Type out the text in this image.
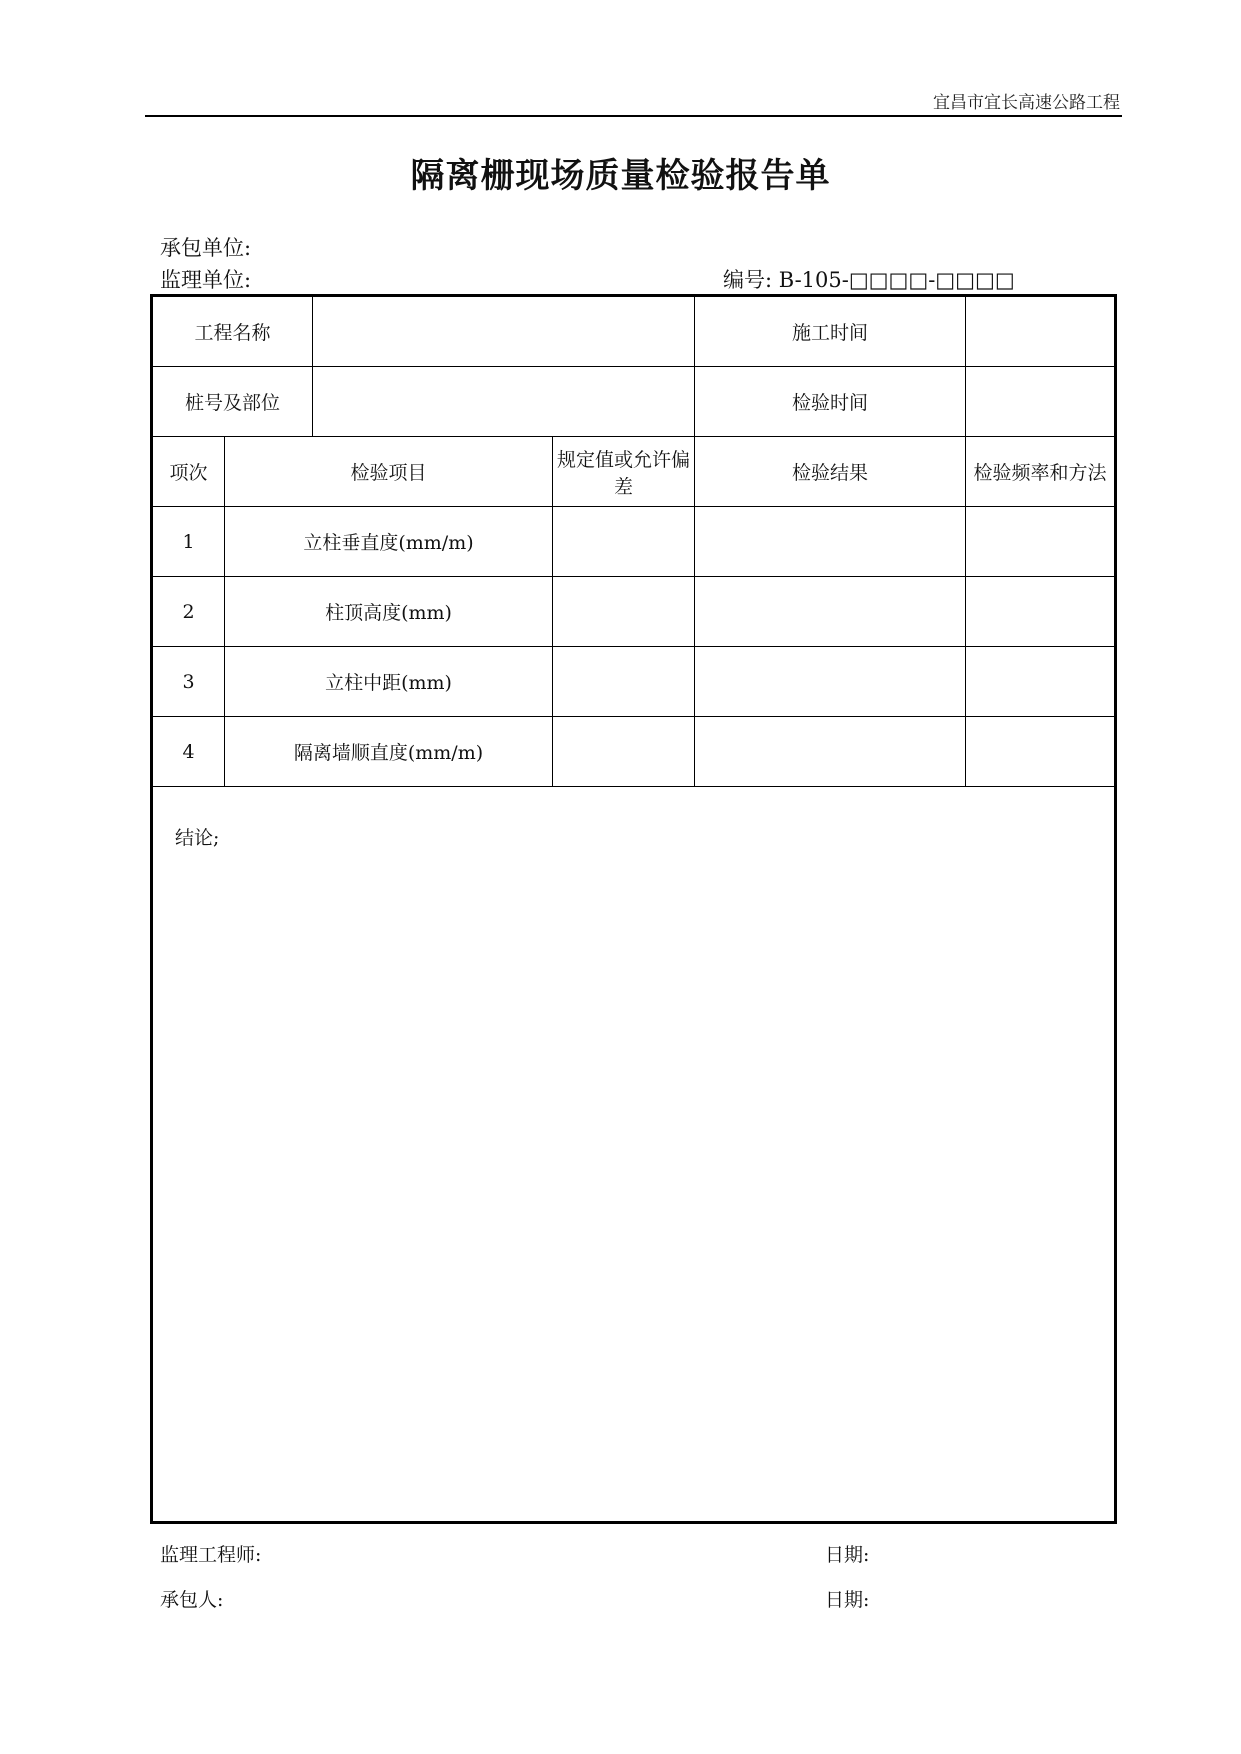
宜昌市宜长高速公路工程
隔离栅现场质量检验报告单
承包单位:
监理单位:	编号: B-105-□□□□-□□□□
工程名称				施工时间	
桩号及部位				检验时间	
项次	检验项目		规定值或允许偏差	检验结果	检验频率和方法
1	立柱垂直度(mm/m)				
2	柱顶高度(mm)				
3	立柱中距(mm)				
4	隔离墙顺直度(mm/m)				
结论;					
监理工程师:	日期:
承包人:	日期:
